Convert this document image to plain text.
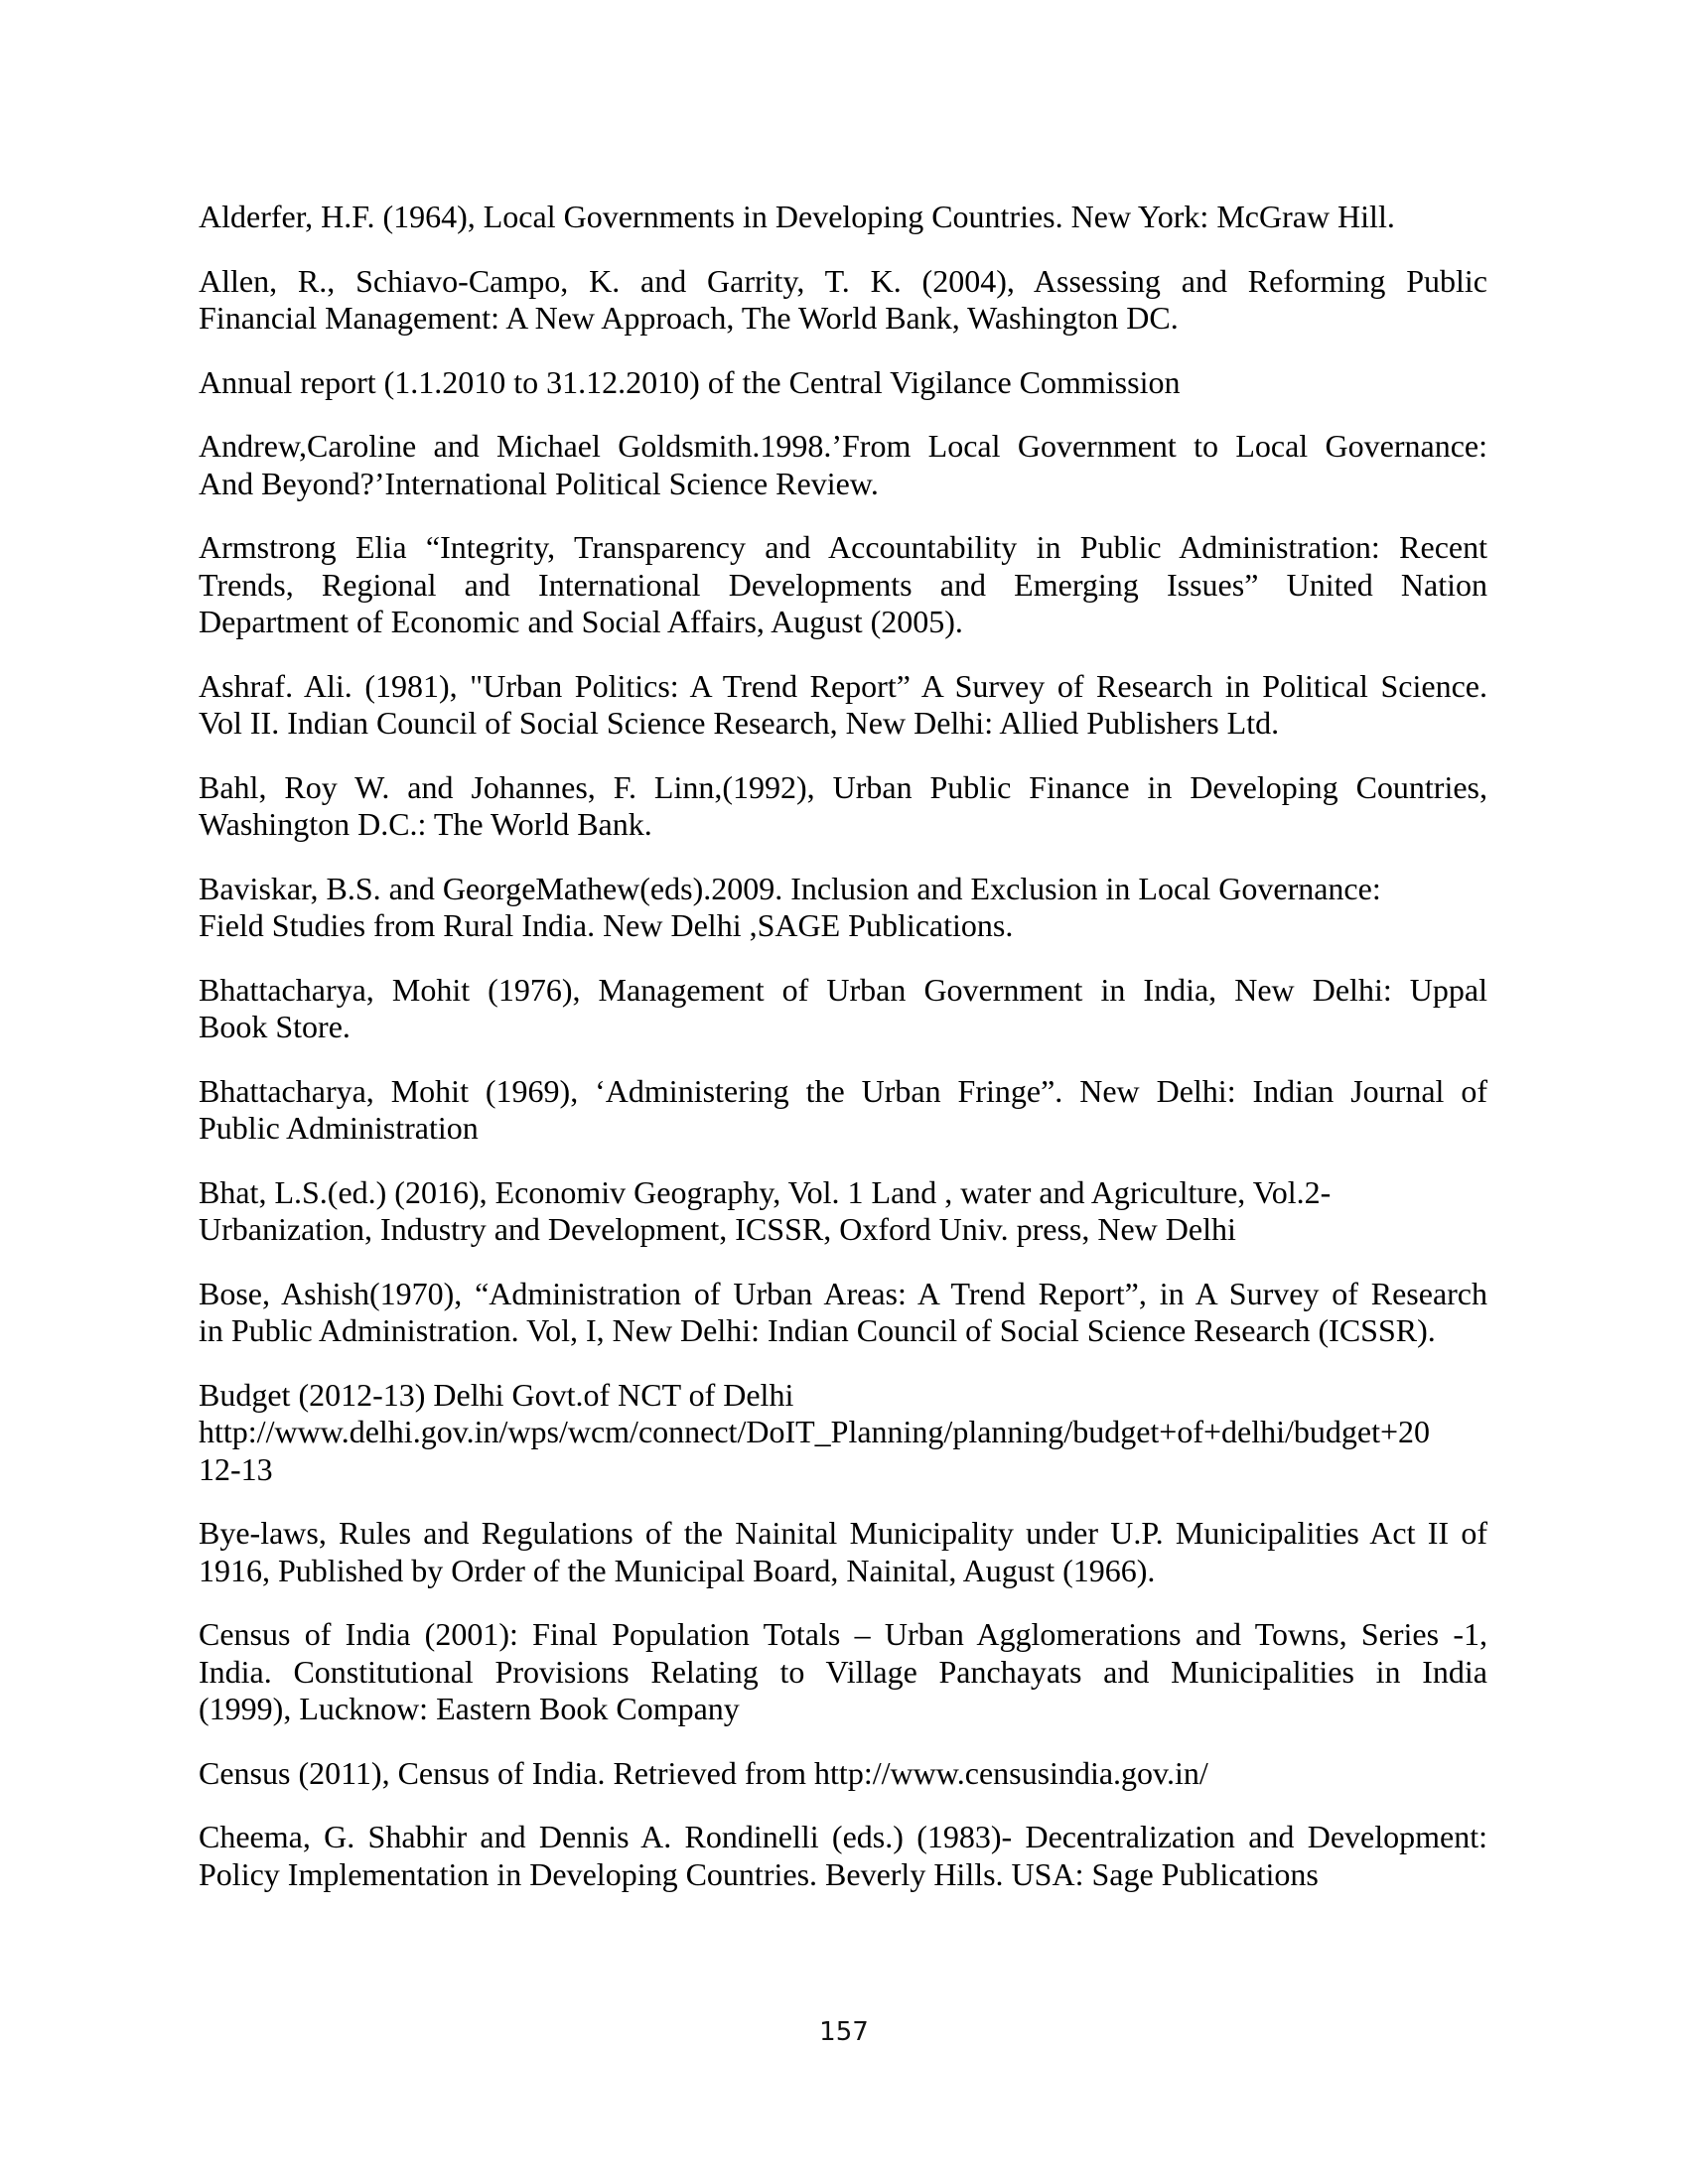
Alderfer, H.F. (1964), Local Governments in Developing Countries. New York: McGraw Hill.
Allen, R., Schiavo-Campo, K. and Garrity, T. K. (2004), Assessing and Reforming Public
Financial Management: A New Approach, The World Bank, Washington DC.
Annual report (1.1.2010 to 31.12.2010) of the Central Vigilance Commission
Andrew,Caroline and Michael Goldsmith.1998.’From Local Government to Local Governance:
And Beyond?’International Political Science Review.
Armstrong Elia “Integrity, Transparency and Accountability in Public Administration: Recent
Trends, Regional and International Developments and Emerging Issues” United Nation
Department of Economic and Social Affairs, August (2005).
Ashraf. Ali. (1981), "Urban Politics: A Trend Report” A Survey of Research in Political Science.
Vol II. Indian Council of Social Science Research, New Delhi: Allied Publishers Ltd.
Bahl, Roy W. and Johannes, F. Linn,(1992), Urban Public Finance in Developing Countries,
Washington D.C.: The World Bank.
Baviskar, B.S. and GeorgeMathew(eds).2009. Inclusion and Exclusion in Local Governance:
Field Studies from Rural India. New Delhi ,SAGE Publications.
Bhattacharya, Mohit (1976), Management of Urban Government in India, New Delhi: Uppal
Book Store.
Bhattacharya, Mohit (1969), ‘Administering the Urban Fringe”. New Delhi: Indian Journal of
Public Administration
Bhat, L.S.(ed.) (2016), Economiv Geography, Vol. 1 Land , water and Agriculture, Vol.2-
Urbanization, Industry and Development, ICSSR, Oxford Univ. press, New Delhi
Bose, Ashish(1970), “Administration of Urban Areas: A Trend Report”, in A Survey of Research
in Public Administration. Vol, I, New Delhi: Indian Council of Social Science Research (ICSSR).
Budget (2012-13) Delhi Govt.of NCT of Delhi
http://www.delhi.gov.in/wps/wcm/connect/DoIT_Planning/planning/budget+of+delhi/budget+20
12-13
Bye-laws, Rules and Regulations of the Nainital Municipality under U.P. Municipalities Act II of
1916, Published by Order of the Municipal Board, Nainital, August (1966).
Census of India (2001): Final Population Totals – Urban Agglomerations and Towns, Series -1,
India. Constitutional Provisions Relating to Village Panchayats and Municipalities in India
(1999), Lucknow: Eastern Book Company
Census (2011), Census of India. Retrieved from http://www.censusindia.gov.in/
Cheema, G. Shabhir and Dennis A. Rondinelli (eds.) (1983)- Decentralization and Development:
Policy Implementation in Developing Countries. Beverly Hills. USA: Sage Publications
157
